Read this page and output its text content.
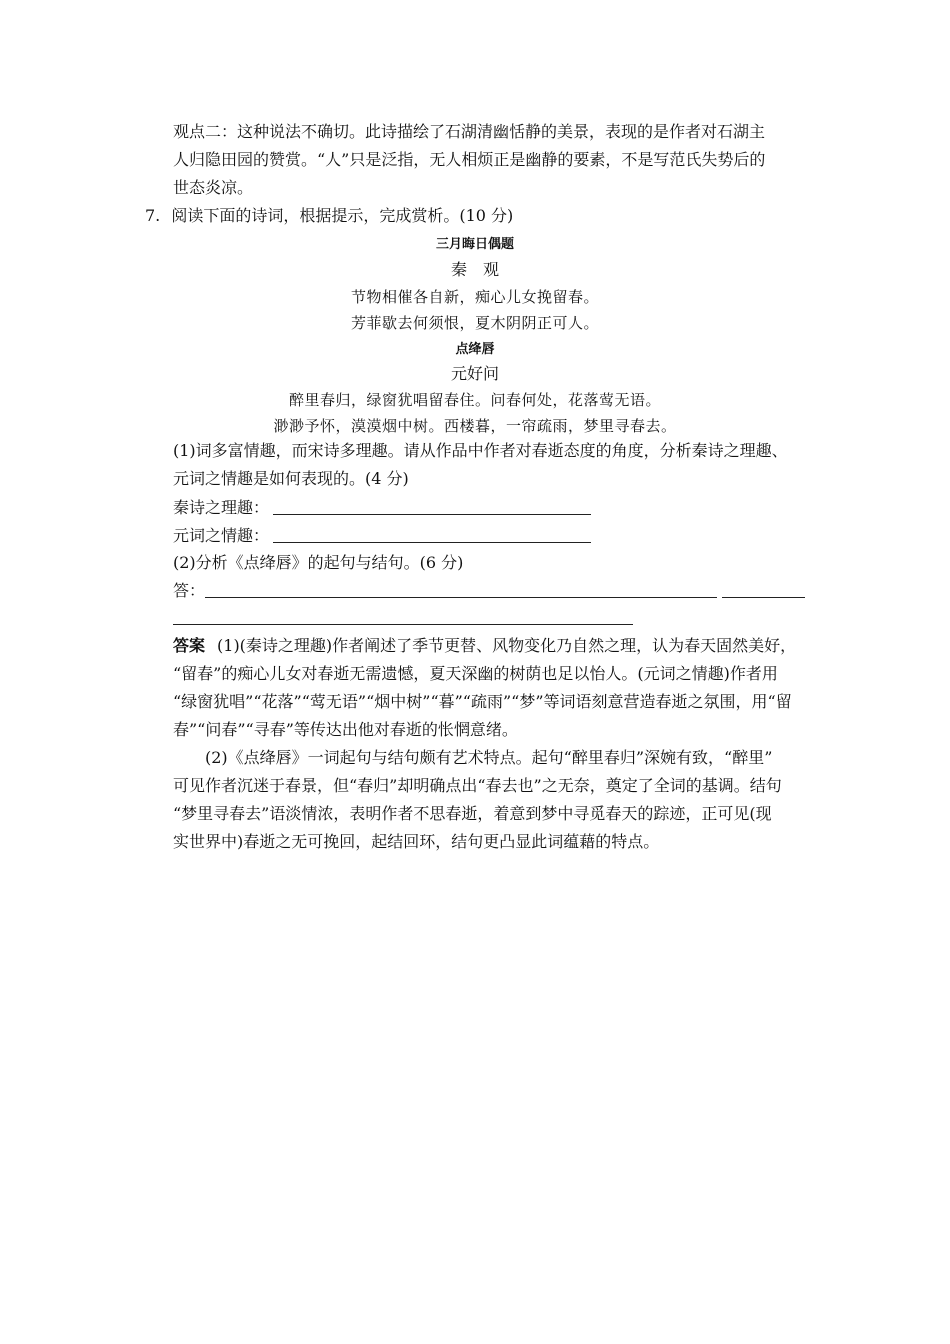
观点二：这种说法不确切。此诗描绘了石湖清幽恬静的美景，表现的是作者对石湖主
人归隐田园的赞赏。“人”只是泛指，无人相烦正是幽静的要素，不是写范氏失势后的
世态炎凉。
7. 阅读下面的诗词，根据提示，完成赏析。(10 分)
三月晦日偶题
秦　观
节物相催各自新，痴心儿女挽留春。
芳菲歇去何须恨，夏木阴阴正可人。
点绛唇
元好问
醉里春归，绿窗犹唱留春住。问春何处，花落莺无语。
渺渺予怀，漠漠烟中树。西楼暮，一帘疏雨，梦里寻春去。
(1)词多富情趣，而宋诗多理趣。请从作品中作者对春逝态度的角度，分析秦诗之理趣、
元词之情趣是如何表现的。(4 分)
秦诗之理趣：
元词之情趣：
(2)分析《点绛唇》的起句与结句。(6 分)
答：
答案 (1)(秦诗之理趣)作者阐述了季节更替、风物变化乃自然之理，认为春天固然美好，
“留春”的痴心儿女对春逝无需遗憾，夏天深幽的树荫也足以怡人。(元词之情趣)作者用
“绿窗犹唱”“花落”“莺无语”“烟中树”“暮”“疏雨”“梦”等词语刻意营造春逝之氛围，用“留
春”“问春”“寻春”等传达出他对春逝的怅惘意绪。
(2)《点绛唇》一词起句与结句颇有艺术特点。起句“醉里春归”深婉有致，“醉里”
可见作者沉迷于春景，但“春归”却明确点出“春去也”之无奈，奠定了全词的基调。结句
“梦里寻春去”语淡情浓，表明作者不思春逝，着意到梦中寻觅春天的踪迹，正可见(现
实世界中)春逝之无可挽回，起结回环，结句更凸显此词蕴藉的特点。
